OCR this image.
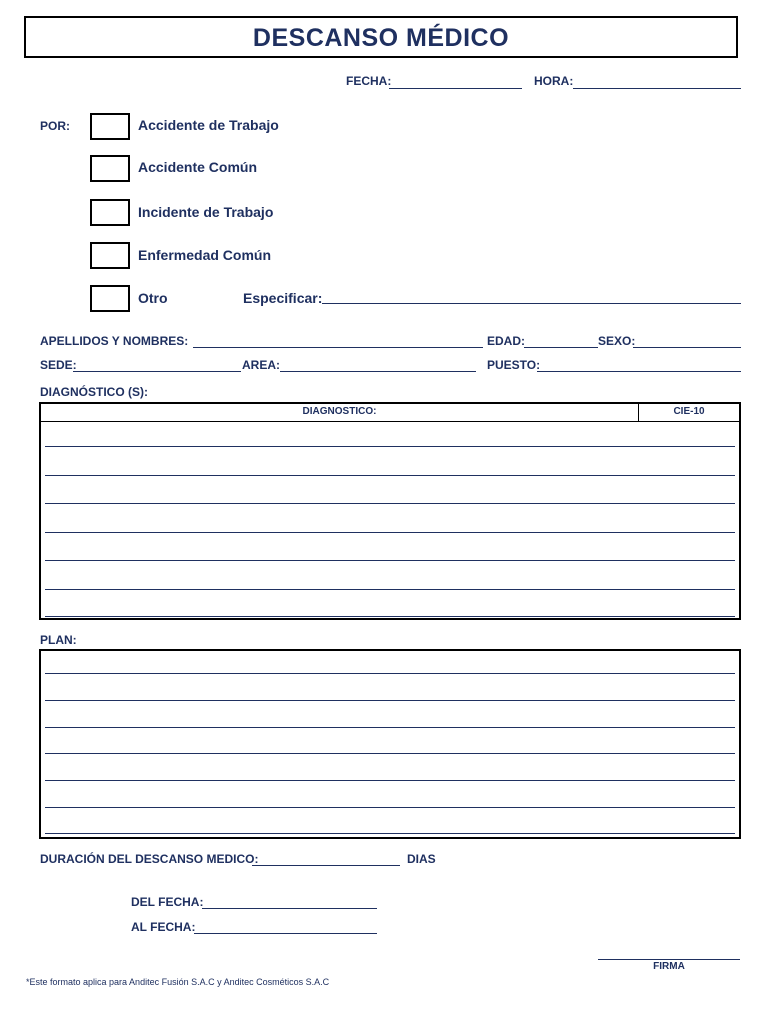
DESCANSO MÉDICO
FECHA:	HORA:
POR:	Accidente de Trabajo
Accidente Común
Incidente de Trabajo
Enfermedad Común
Otro	Especificar:
APELLIDOS Y NOMBRES:	EDAD:	SEXO:
SEDE:	AREA:	PUESTO:
DIAGNÓSTICO (S):
DIAGNOSTICO:	CIE-10
PLAN:
DURACIÓN DEL DESCANSO MEDICO:	DIAS
DEL FECHA:
AL FECHA:
FIRMA
*Este formato aplica para Anditec Fusión S.A.C y Anditec Cosméticos S.A.C
